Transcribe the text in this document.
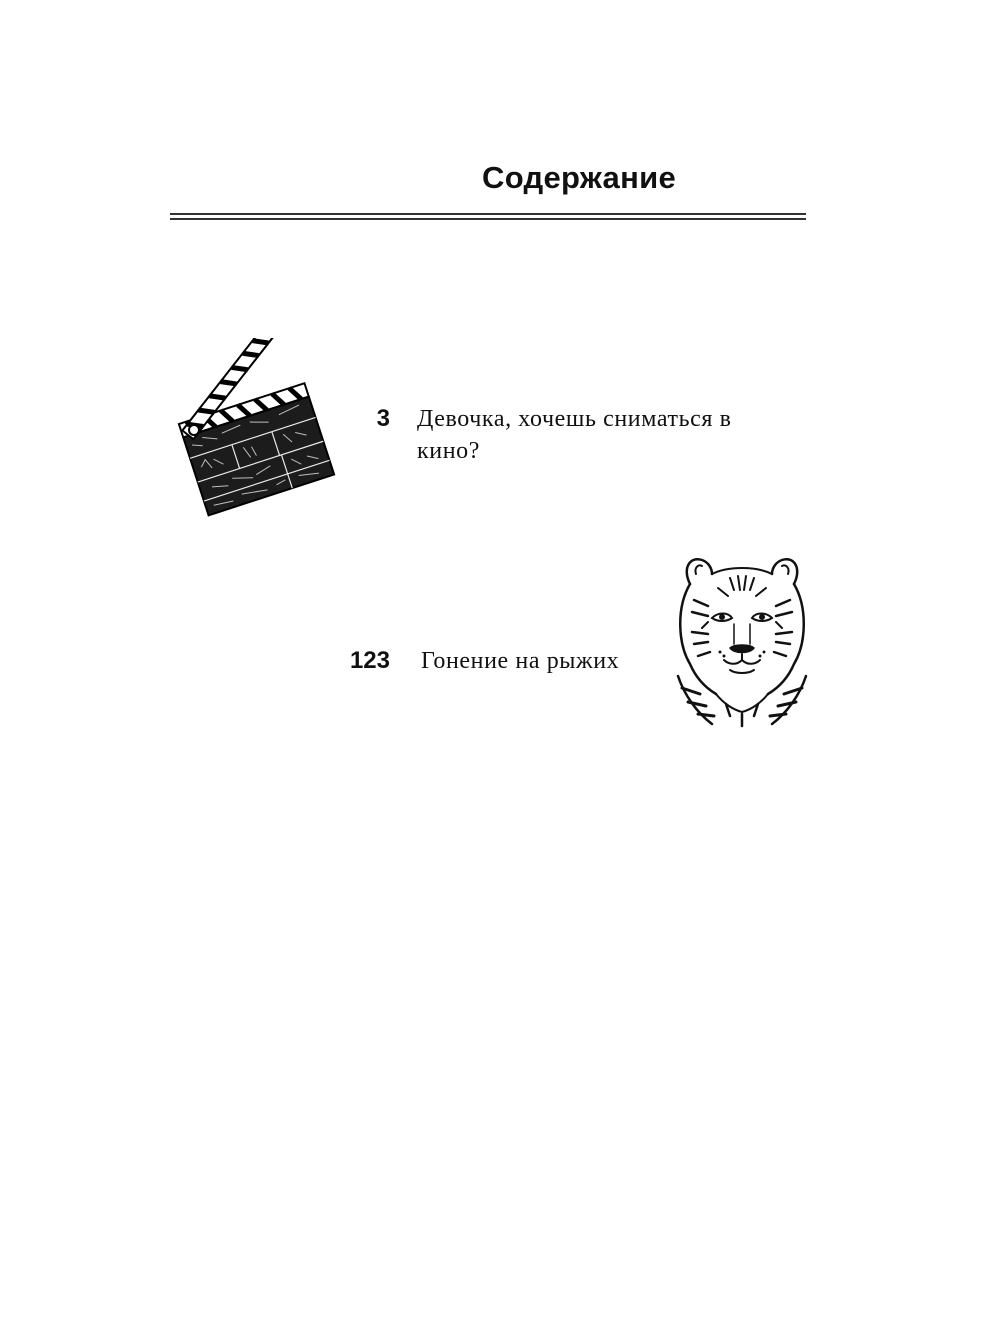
Содержание
3 Девочка, хочешь сниматься в кино?
123 Гонение на рыжих
